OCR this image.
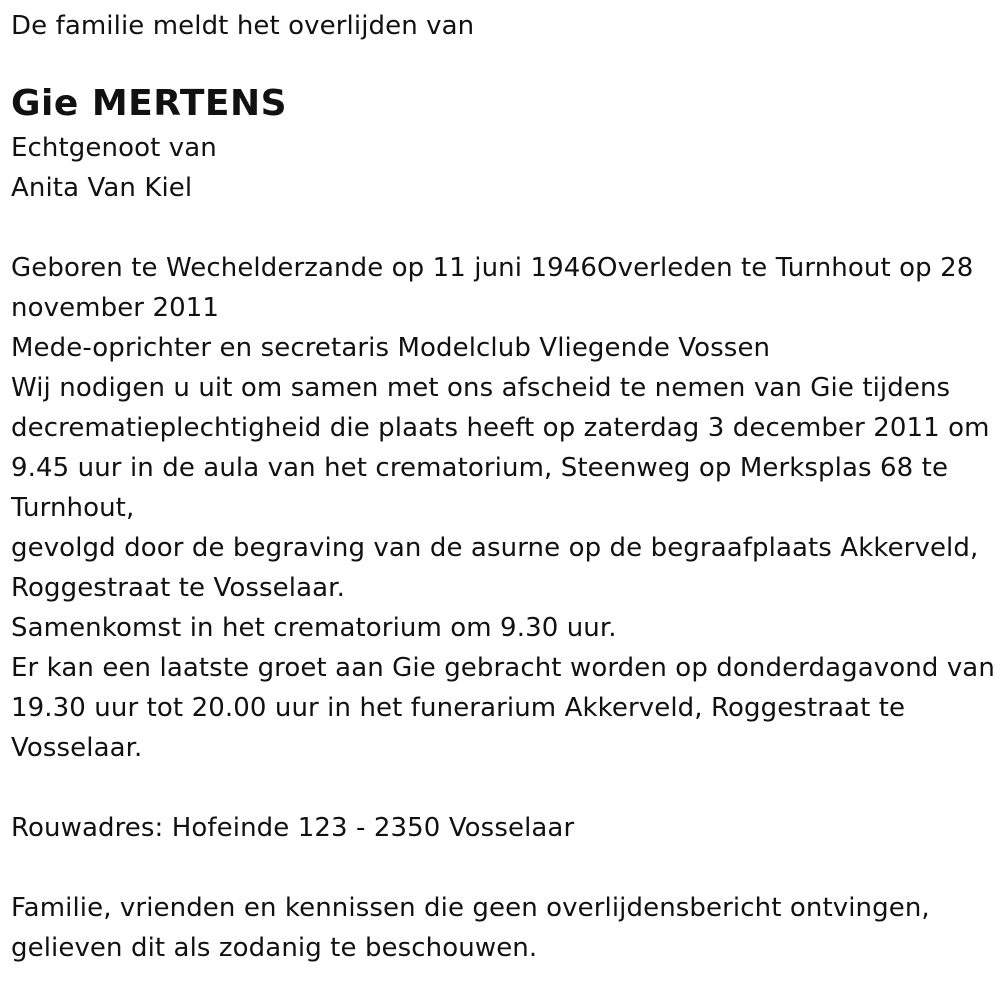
De familie meldt het overlijden van
Gie MERTENS
Echtgenoot van
Anita Van Kiel
Geboren te Wechelderzande op 11 juni 1946Overleden te Turnhout op 28 november 2011
Mede-oprichter en secretaris Modelclub Vliegende Vossen
Wij nodigen u uit om samen met ons afscheid te nemen van Gie tijdens decrematieplechtigheid die plaats heeft op zaterdag 3 december 2011 om 9.45 uur in de aula van het crematorium, Steenweg op Merksplas 68 te Turnhout,
gevolgd door de begraving van de asurne op de begraafplaats Akkerveld, Roggestraat te Vosselaar.
Samenkomst in het crematorium om 9.30 uur.
Er kan een laatste groet aan Gie gebracht worden op donderdagavond van 19.30 uur tot 20.00 uur in het funerarium Akkerveld, Roggestraat te Vosselaar.
Rouwadres: Hofeinde 123 - 2350 Vosselaar
Familie, vrienden en kennissen die geen overlijdensbericht ontvingen,
gelieven dit als zodanig te beschouwen.
